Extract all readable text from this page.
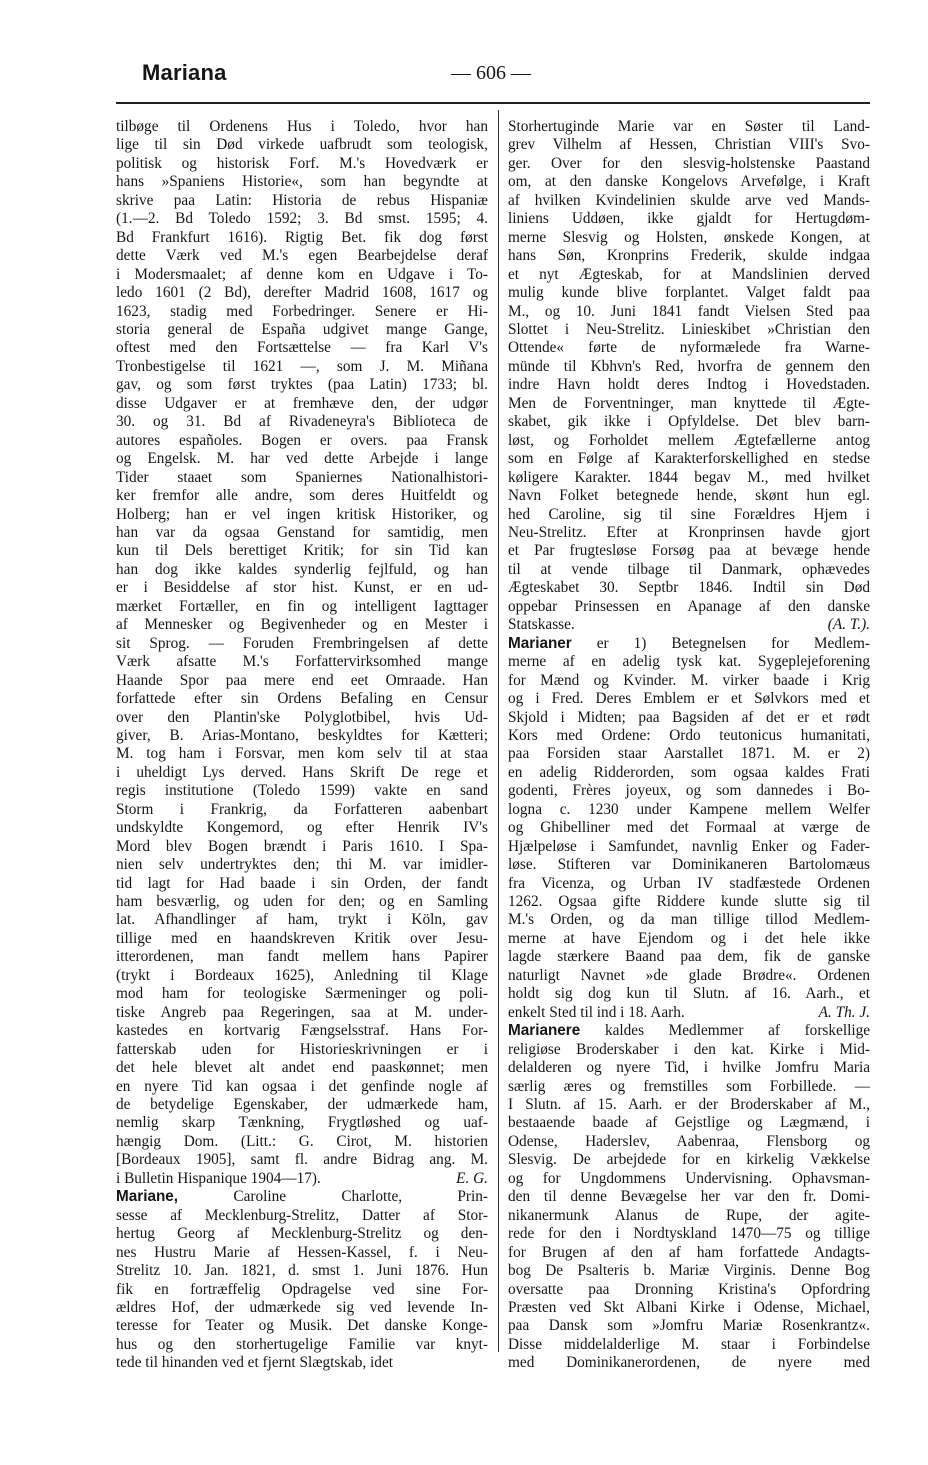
Mariana	— 606 —
tilbøge til Ordenens Hus i Toledo, hvor han
lige til sin Død virkede uafbrudt som teologisk,
politisk og historisk Forf. M.'s Hovedværk er
hans »Spaniens Historie«, som han begyndte at
skrive paa Latin: Historia de rebus Hispaniæ
(1.—2. Bd Toledo 1592; 3. Bd smst. 1595; 4.
Bd Frankfurt 1616). Rigtig Bet. fik dog først
dette Værk ved M.'s egen Bearbejdelse deraf
i Modersmaalet; af denne kom en Udgave i To-
ledo 1601 (2 Bd), derefter Madrid 1608, 1617 og
1623, stadig med Forbedringer. Senere er Hi-
storia general de España udgivet mange Gange,
oftest med den Fortsættelse — fra Karl V's
Tronbestigelse til 1621 —, som J. M. Miñana
gav, og som først tryktes (paa Latin) 1733; bl.
disse Udgaver er at fremhæve den, der udgør
30. og 31. Bd af Rivadeneyra's Biblioteca de
autores españoles. Bogen er overs. paa Fransk
og Engelsk. M. har ved dette Arbejde i lange
Tider staaet som Spaniernes Nationalhistori-
ker fremfor alle andre, som deres Huitfeldt og
Holberg; han er vel ingen kritisk Historiker, og
han var da ogsaa Genstand for samtidig, men
kun til Dels berettiget Kritik; for sin Tid kan
han dog ikke kaldes synderlig fejlfuld, og han
er i Besiddelse af stor hist. Kunst, er en ud-
mærket Fortæller, en fin og intelligent Iagttager
af Mennesker og Begivenheder og en Mester i
sit Sprog. — Foruden Frembringelsen af dette
Værk afsatte M.'s Forfattervirksomhed mange
Haande Spor paa mere end eet Omraade. Han
forfattede efter sin Ordens Befaling en Censur
over den Plantin'ske Polyglotbibel, hvis Ud-
giver, B. Arias-Montano, beskyldtes for Kætteri;
M. tog ham i Forsvar, men kom selv til at staa
i uheldigt Lys derved. Hans Skrift De rege et
regis institutione (Toledo 1599) vakte en sand
Storm i Frankrig, da Forfatteren aabenbart
undskyldte Kongemord, og efter Henrik IV's
Mord blev Bogen brændt i Paris 1610. I Spa-
nien selv undertryktes den; thi M. var imidler-
tid lagt for Had baade i sin Orden, der fandt
ham besværlig, og uden for den; og en Samling
lat. Afhandlinger af ham, trykt i Köln, gav
tillige med en haandskreven Kritik over Jesu-
itterordenen, man fandt mellem hans Papirer
(trykt i Bordeaux 1625), Anledning til Klage
mod ham for teologiske Særmeninger og poli-
tiske Angreb paa Regeringen, saa at M. under-
kastedes en kortvarig Fængselsstraf. Hans For-
fatterskab uden for Historieskrivningen er i
det hele blevet alt andet end paaskønnet; men
en nyere Tid kan ogsaa i det genfinde nogle af
de betydelige Egenskaber, der udmærkede ham,
nemlig skarp Tænkning, Frygtløshed og uaf-
hængig Dom. (Litt.: G. Cirot, M. historien
[Bordeaux 1905], samt fl. andre Bidrag ang. M.
i Bulletin Hispanique 1904—17).	E. G.
Mariane,	Caroline Charlotte, Prin-
sesse af Mecklenburg-Strelitz, Datter af Stor-
hertug Georg af Mecklenburg-Strelitz og den-
nes Hustru Marie af Hessen-Kassel, f. i Neu-
Strelitz 10. Jan. 1821, d. smst 1. Juni 1876. Hun
fik en fortræffelig Opdragelse ved sine For-
ældres Hof, der udmærkede sig ved levende In-
teresse for Teater og Musik. Det danske Konge-
hus og den storhertugelige Familie var knyt-
tede til hinanden ved et fjernt Slægtskab, idet
Storhertuginde Marie var en Søster til Land-
grev Vilhelm af Hessen, Christian VIII's Svo-
ger. Over for den slesvig-holstenske Paastand
om, at den danske Kongelovs Arvefølge, i Kraft
af hvilken Kvindelinien skulde arve ved Mands-
liniens Uddøen, ikke gjaldt for Hertugdøm-
merne Slesvig og Holsten, ønskede Kongen, at
hans Søn, Kronprins Frederik, skulde indgaa
et nyt Ægteskab, for at Mandslinien derved
mulig kunde blive forplantet. Valget faldt paa
M., og 10. Juni 1841 fandt Vielsen Sted paa
Slottet i Neu-Strelitz. Linieskibet »Christian den
Ottende« førte de nyformælede fra Warne-
münde til Kbhvn's Red, hvorfra de gennem den
indre Havn holdt deres Indtog i Hovedstaden.
Men de Forventninger, man knyttede til Ægte-
skabet, gik ikke i Opfyldelse. Det blev barn-
løst, og Forholdet mellem Ægtefællerne antog
som en Følge af Karakterforskellighed en stedse
køligere Karakter. 1844 begav M., med hvilket
Navn Folket betegnede hende, skønt hun egl.
hed Caroline, sig til sine Forældres Hjem i
Neu-Strelitz. Efter at Kronprinsen havde gjort
et Par frugtesløse Forsøg paa at bevæge hende
til at vende tilbage til Danmark, ophævedes
Ægteskabet 30. Septbr 1846. Indtil sin Død
oppebar Prinsessen en Apanage af den danske
Statskasse.	(A. T.).
Marianer er 1) Betegnelsen for Medlem-
merne af en adelig tysk kat. Sygeplejeforening
for Mænd og Kvinder. M. virker baade i Krig
og i Fred. Deres Emblem er et Sølvkors med et
Skjold i Midten; paa Bagsiden af det er et rødt
Kors med Ordene: Ordo teutonicus humanitati,
paa Forsiden staar Aarstallet 1871. M. er 2)
en adelig Ridderorden, som ogsaa kaldes Frati
godenti, Frères joyeux, og som dannedes i Bo-
logna c. 1230 under Kampene mellem Welfer
og Ghibelliner med det Formaal at værge de
Hjælpeløse i Samfundet, navnlig Enker og Fader-
løse. Stifteren var Dominikaneren Bartolomæus
fra Vicenza, og Urban IV stadfæstede Ordenen
1262. Ogsaa gifte Riddere kunde slutte sig til
M.'s Orden, og da man tillige tillod Medlem-
merne at have Ejendom og i det hele ikke
lagde stærkere Baand paa dem, fik de ganske
naturligt Navnet »de glade Brødre«. Ordenen
holdt sig dog kun til Slutn. af 16. Aarh., et
enkelt Sted til ind i 18. Aarh.	A. Th. J.
Marianere kaldes Medlemmer af forskellige
religiøse Broderskaber i den kat. Kirke i Mid-
delalderen og nyere Tid, i hvilke Jomfru Maria
særlig æres og fremstilles som Forbillede. —
I Slutn. af 15. Aarh. er der Broderskaber af M.,
bestaaende baade af Gejstlige og Lægmænd, i
Odense, Haderslev, Aabenraa, Flensborg og
Slesvig. De arbejdede for en kirkelig Vækkelse
og for Ungdommens Undervisning. Ophavsman-
den til denne Bevægelse her var den fr. Domi-
nikanermunk Alanus de Rupe, der agite-
rede for den i Nordtyskland 1470—75 og tillige
for Brugen af den af ham forfattede Andagts-
bog De Psalteris b. Mariæ Virginis. Denne Bog
oversatte paa Dronning Kristina's Opfordring
Præsten ved Skt Albani Kirke i Odense, Michael,
paa Dansk som »Jomfru Mariæ Rosenkrantz«.
Disse middelalderlige M. staar i Forbindelse
med Dominikanerordenen, de nyere med
